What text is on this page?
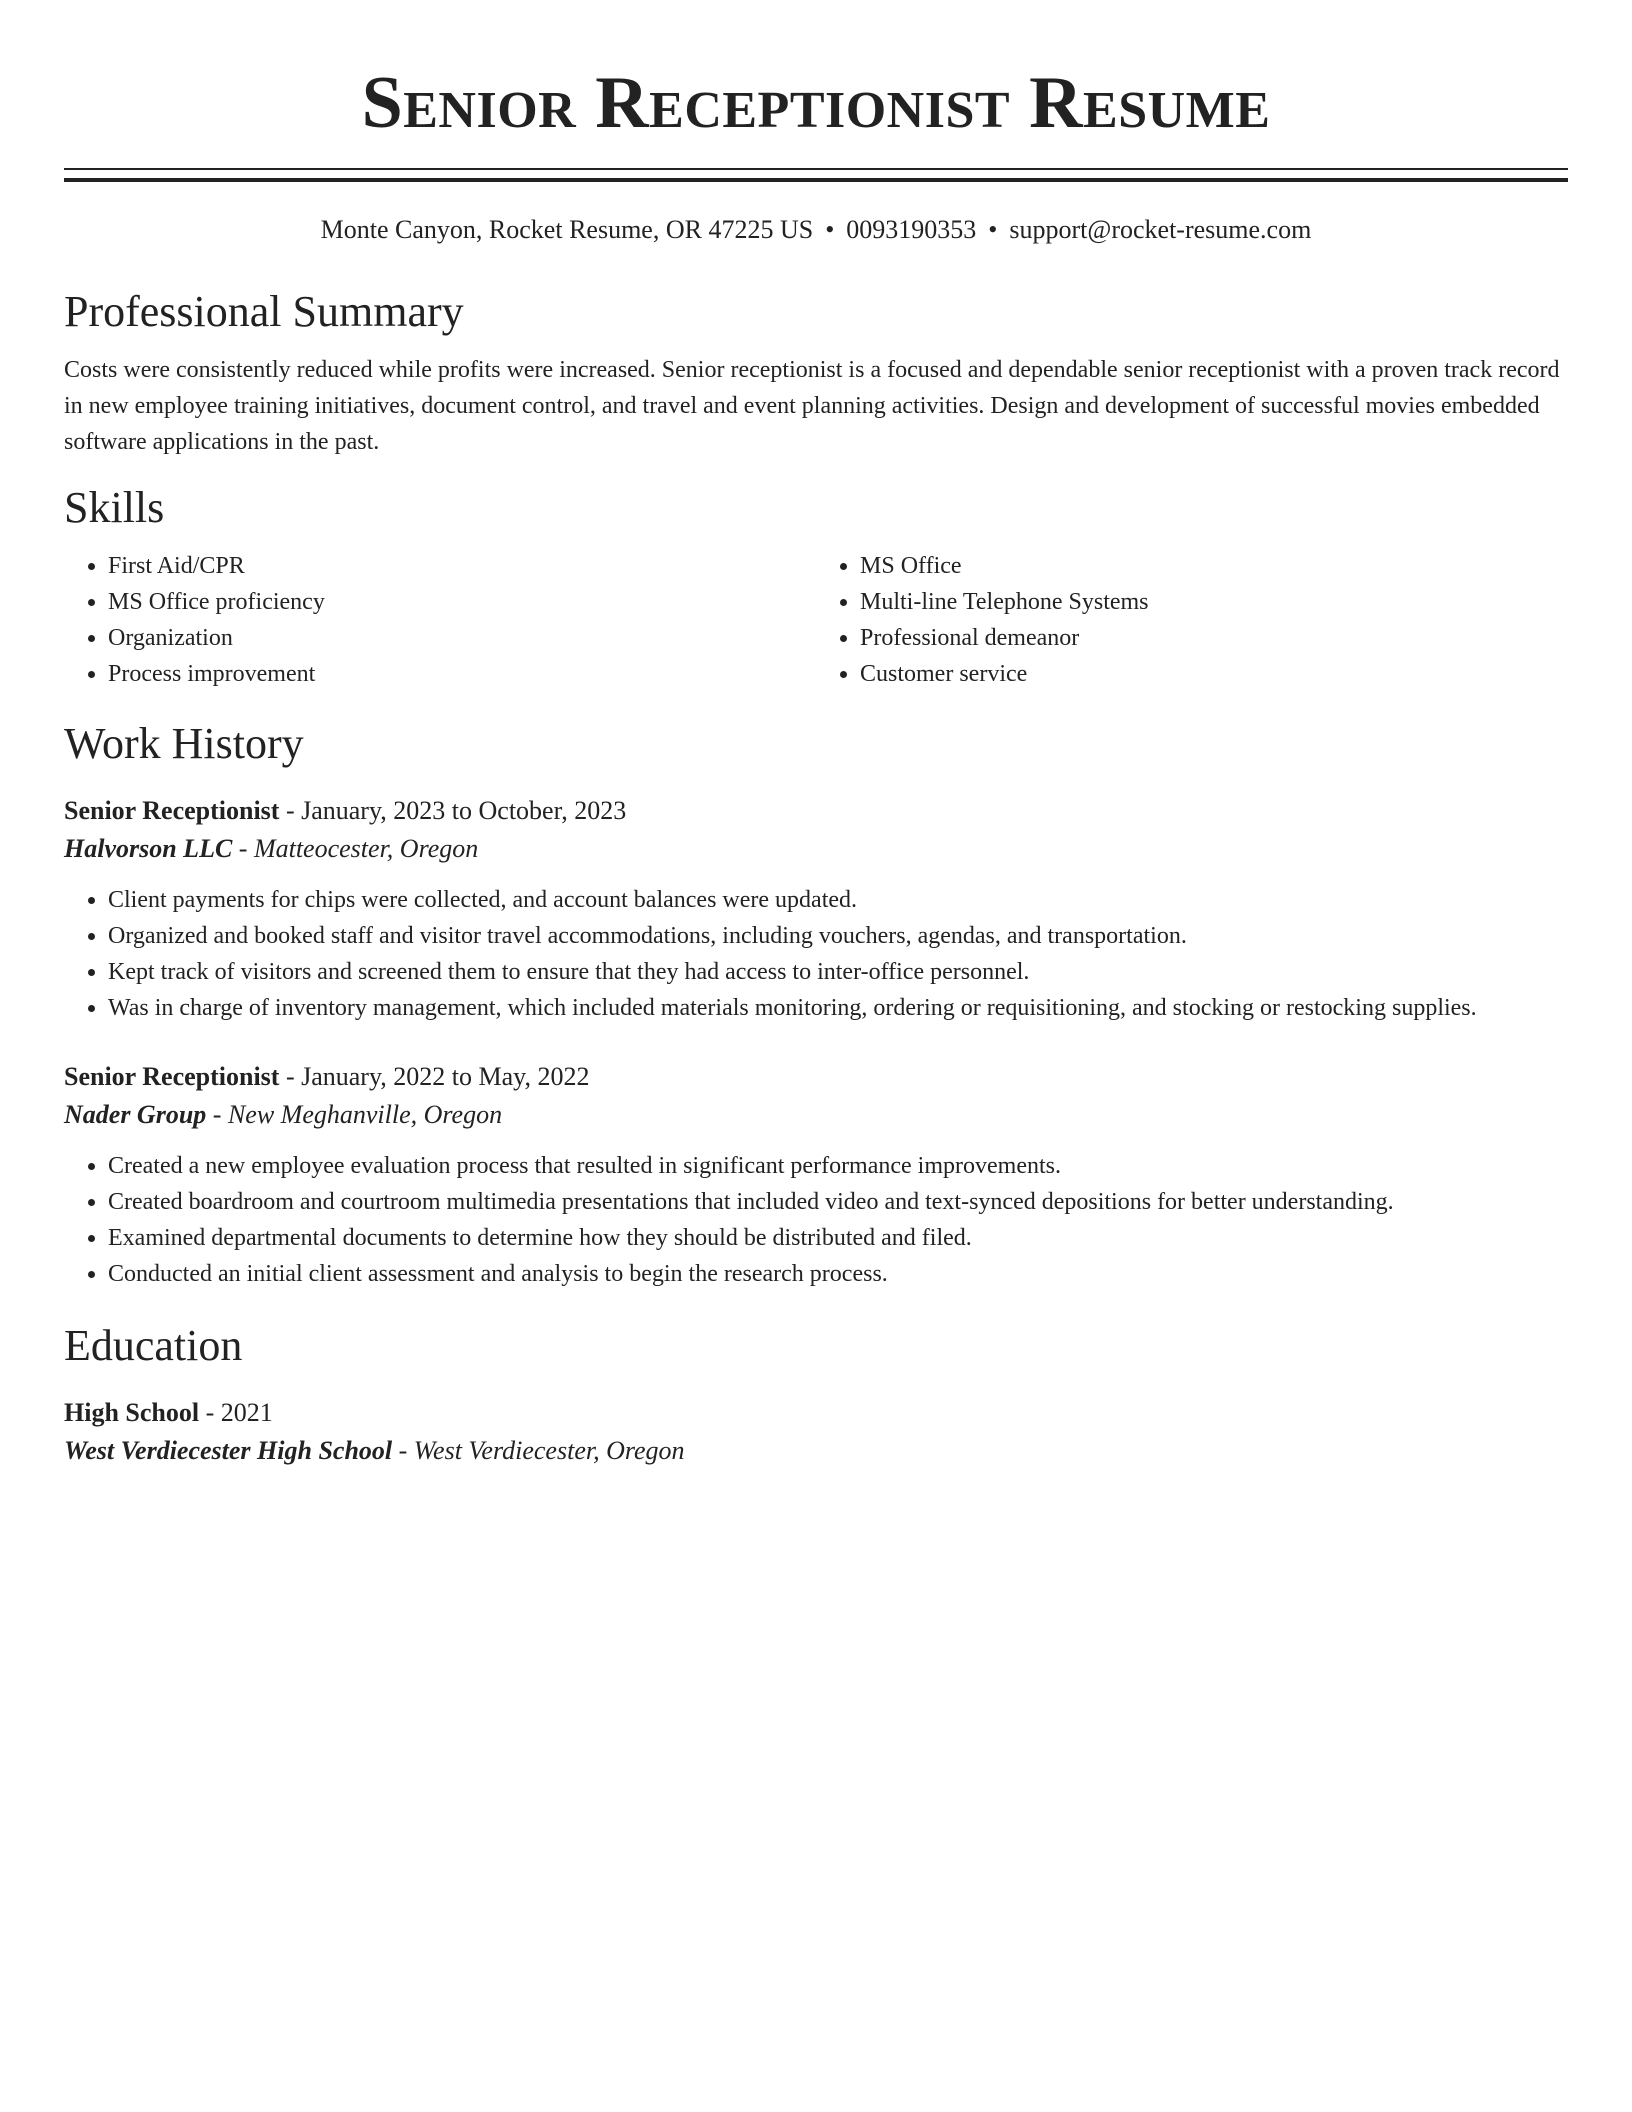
Senior Receptionist Resume
Monte Canyon, Rocket Resume, OR 47225 US • 0093190353 • support@rocket-resume.com
Professional Summary

Costs were consistently reduced while profits were increased. Senior receptionist is a focused and dependable senior receptionist with a proven track record in new employee training initiatives, document control, and travel and event planning activities. Design and development of successful movies embedded software applications in the past.

Skills
• First Aid/CPR
• MS Office proficiency
• Organization
• Process improvement
• MS Office
• Multi-line Telephone Systems
• Professional demeanor
• Customer service
Work History
Senior Receptionist - January, 2023 to October, 2023
Halvorson LLC - Matteocester, Oregon
• Client payments for chips were collected, and account balances were updated.
• Organized and booked staff and visitor travel accommodations, including vouchers, agendas, and transportation.
• Kept track of visitors and screened them to ensure that they had access to inter-office personnel.
• Was in charge of inventory management, which included materials monitoring, ordering or requisitioning, and stocking or restocking supplies.
Senior Receptionist - January, 2022 to May, 2022
Nader Group - New Meghanville, Oregon
• Created a new employee evaluation process that resulted in significant performance improvements.
• Created boardroom and courtroom multimedia presentations that included video and text-synced depositions for better understanding.
• Examined departmental documents to determine how they should be distributed and filed.
• Conducted an initial client assessment and analysis to begin the research process.
Education
High School - 2021
West Verdiecester High School - West Verdiecester, Oregon
